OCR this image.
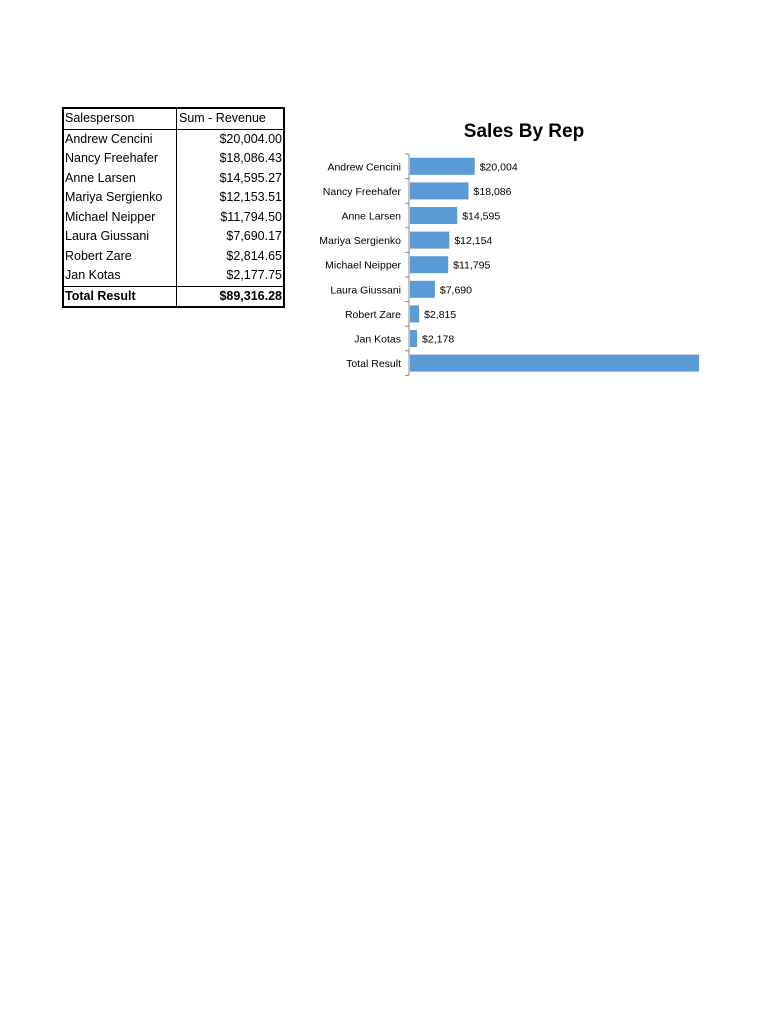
Salesperson	Sum - Revenue
Andrew Cencini	$20,004.00
Nancy Freehafer	$18,086.43
Anne Larsen	$14,595.27
Mariya Sergienko	$12,153.51
Michael Neipper	$11,794.50
Laura Giussani	$7,690.17
Robert Zare	$2,814.65
Jan Kotas	$2,177.75
Total Result	$89,316.28
Sales By Rep
Andrew Cencini	$20,004
Nancy Freehafer	$18,086
Anne Larsen	$14,595
Mariya Sergienko	$12,154
Michael Neipper	$11,795
Laura Giussani	$7,690
Robert Zare $2,815
Jan Kotas $2,178
Total Result
